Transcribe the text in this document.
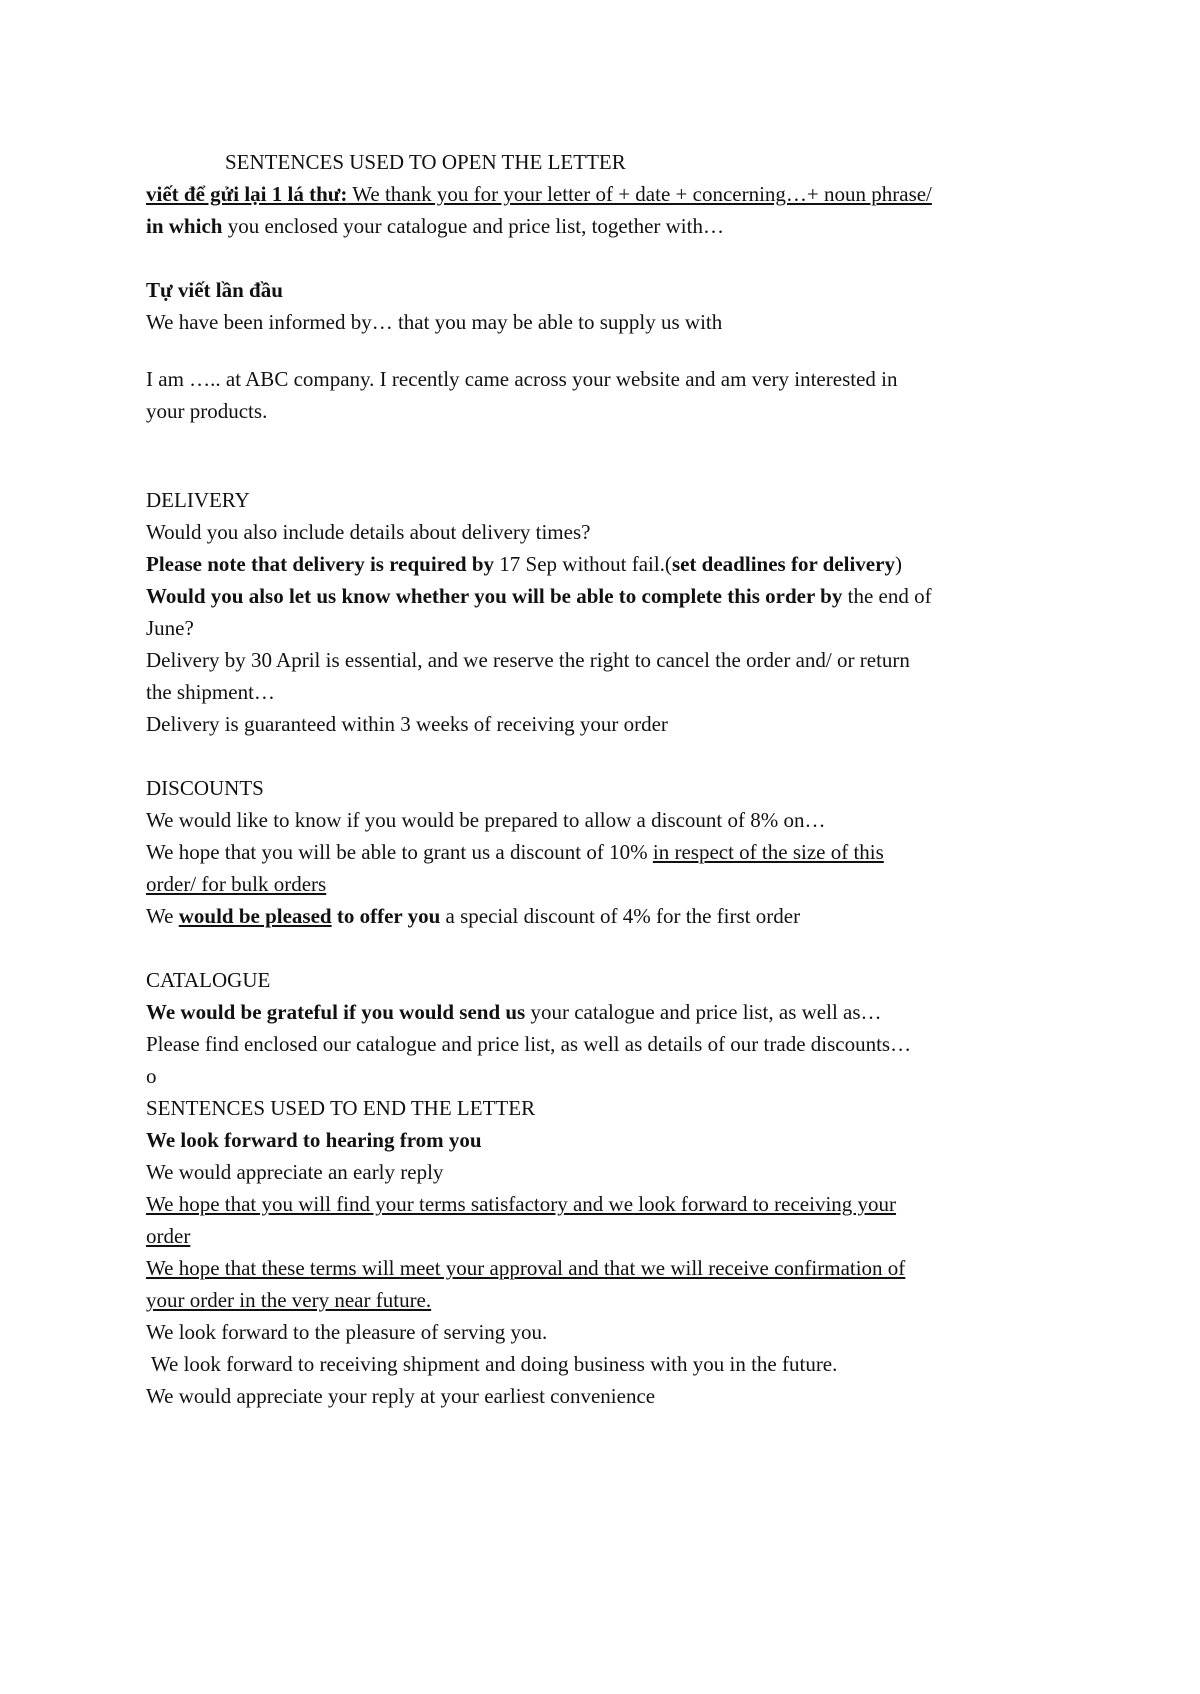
SENTENCES USED TO OPEN THE LETTER
viết để gửi lại 1 lá thư: We thank you for your letter of + date + concerning…+ noun phrase/
in which you enclosed your catalogue and price list, together with…
Tự viết lần đầu
We have been informed by… that you may be able to supply us with
I am ….. at ABC company. I recently came across your website and am very interested in
your products.
DELIVERY
Would you also include details about delivery times?
Please note that delivery is required by 17 Sep without fail.(set deadlines for delivery)
Would you also let us know whether you will be able to complete this order by the end of
June?
Delivery by 30 April is essential, and we reserve the right to cancel the order and/ or return
the shipment…
Delivery is guaranteed within 3 weeks of receiving your order
DISCOUNTS
We would like to know if you would be prepared to allow a discount of 8% on…
We hope that you will be able to grant us a discount of 10% in respect of the size of this
order/ for bulk orders
We would be pleased to offer you a special discount of 4% for the first order
CATALOGUE
We would be grateful if you would send us your catalogue and price list, as well as…
Please find enclosed our catalogue and price list, as well as details of our trade discounts…
o
SENTENCES USED TO END THE LETTER
We look forward to hearing from you
We would appreciate an early reply
We hope that you will find your terms satisfactory and we look forward to receiving your
order
We hope that these terms will meet your approval and that we will receive confirmation of
your order in the very near future.
We look forward to the pleasure of serving you.
We look forward to receiving shipment and doing business with you in the future.
We would appreciate your reply at your earliest convenience
